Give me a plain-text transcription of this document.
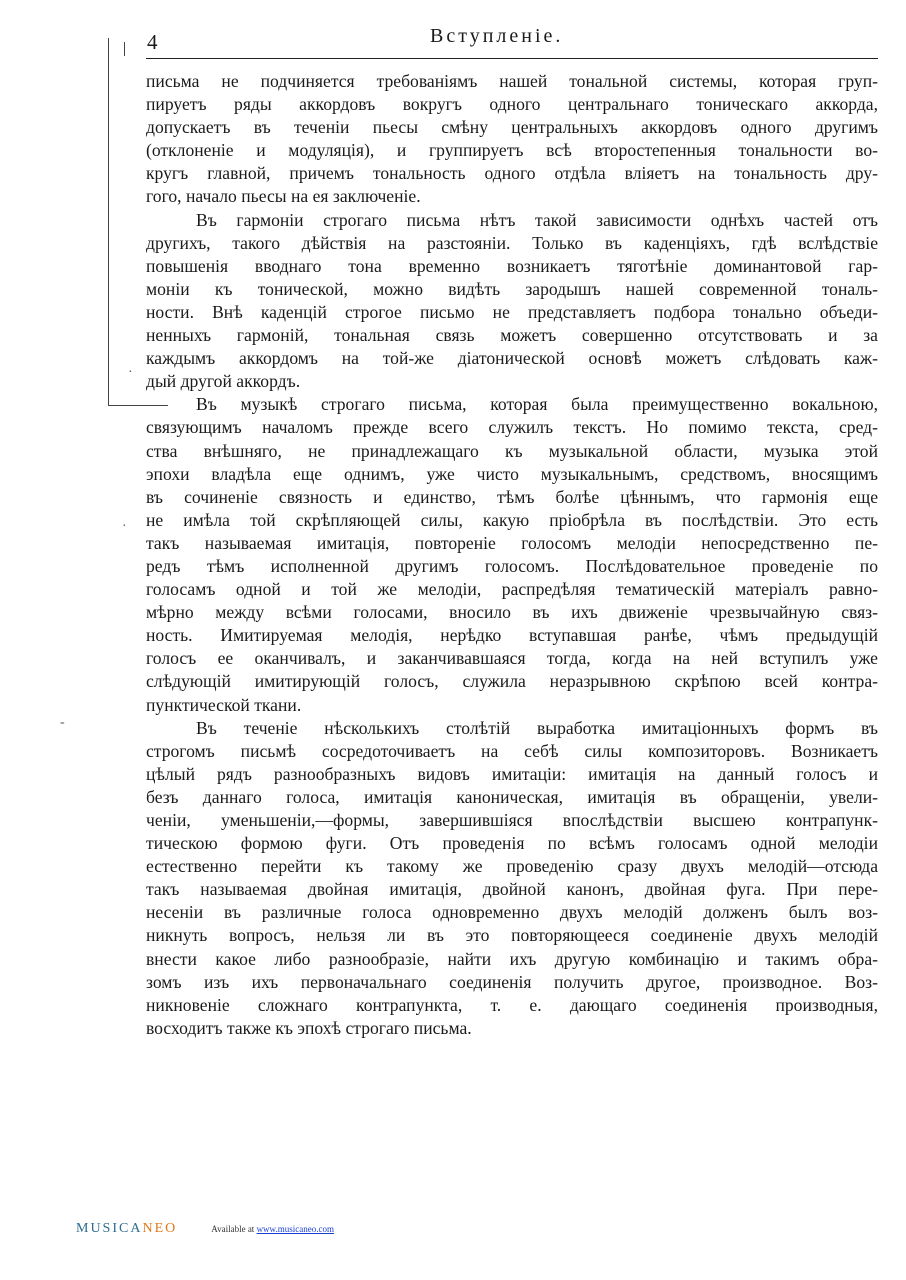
4	Вступленіе.
·
-
·

письма не подчиняется требованіямъ нашей тональной системы, которая груп-
пируетъ ряды аккордовъ вокругъ одного центральнаго тоническаго аккорда,
допускаетъ въ теченіи пьесы смѣну центральныхъ аккордовъ одного другимъ
(отклоненіе и модуляція), и группируетъ всѣ второстепенныя тональности во-
кругъ главной, причемъ тональность одного отдѣла вліяетъ на тональность дру-
гого, начало пьесы на ея заключеніе.

Въ гармоніи строгаго письма нѣтъ такой зависимости однѣхъ частей отъ
другихъ, такого дѣйствія на разстояніи. Только въ каденціяхъ, гдѣ вслѣдствіе
повышенія вводнаго тона временно возникаетъ тяготѣніе доминантовой гар-
моніи къ тонической, можно видѣть зародышъ нашей современной тональ-
ности. Внѣ каденцій строгое письмо не представляетъ подбора тонально объеди-
ненныхъ гармоній, тональная связь можетъ совершенно отсутствовать и за
каждымъ аккордомъ на той-же діатонической основѣ можетъ слѣдовать каж-
дый другой аккордъ.

Въ музыкѣ строгаго письма, которая была преимущественно вокальною,
связующимъ началомъ прежде всего служилъ текстъ. Но помимо текста, сред-
ства внѣшняго, не принадлежащаго къ музыкальной области, музыка этой
эпохи владѣла еще однимъ, уже чисто музыкальнымъ, средствомъ, вносящимъ
въ сочиненіе связность и единство, тѣмъ болѣе цѣннымъ, что гармонія еще
не имѣла той скрѣпляющей силы, какую пріобрѣла въ послѣдствіи. Это есть
такъ называемая имитація, повтореніе голосомъ мелодіи непосредственно пе-
редъ тѣмъ исполненной другимъ голосомъ. Послѣдовательное проведеніе по
голосамъ одной и той же мелодіи, распредѣляя тематическій матеріалъ равно-
мѣрно между всѣми голосами, вносило въ ихъ движеніе чрезвычайную связ-
ность. Имитируемая мелодія, нерѣдко вступавшая ранѣе, чѣмъ предыдущій
голосъ ее оканчивалъ, и заканчивавшаяся тогда, когда на ней вступилъ уже
слѣдующій имитирующій голосъ, служила неразрывною скрѣпою всей контра-
пунктической ткани.

Въ теченіе нѣсколькихъ столѣтій выработка имитаціонныхъ формъ въ
строгомъ письмѣ сосредоточиваетъ на себѣ силы композиторовъ. Возникаетъ
цѣлый рядъ разнообразныхъ видовъ имитаціи: имитація на данный голосъ и
безъ даннаго голоса, имитація каноническая, имитація въ обращеніи, увели-
ченіи, уменьшеніи,—формы, завершившіяся впослѣдствіи высшею контрапунк-
тическою формою фуги. Отъ проведенія по всѣмъ голосамъ одной мелодіи
естественно перейти къ такому же проведенію сразу двухъ мелодій—отсюда
такъ называемая двойная имитація, двойной канонъ, двойная фуга. При пере-
несеніи въ различные голоса одновременно двухъ мелодій долженъ былъ воз-
никнуть вопросъ, нельзя ли въ это повторяющееся соединеніе двухъ мелодій
внести какое либо разнообразіе, найти ихъ другую комбинацію и такимъ обра-
зомъ изъ ихъ первоначальнаго соединенія получить другое, производное. Воз-
никновеніе сложнаго контрапункта, т. е. дающаго соединенія производныя,
восходитъ также къ эпохѣ строгаго письма.

MUSICANEO	Available at www.musicaneo.com
